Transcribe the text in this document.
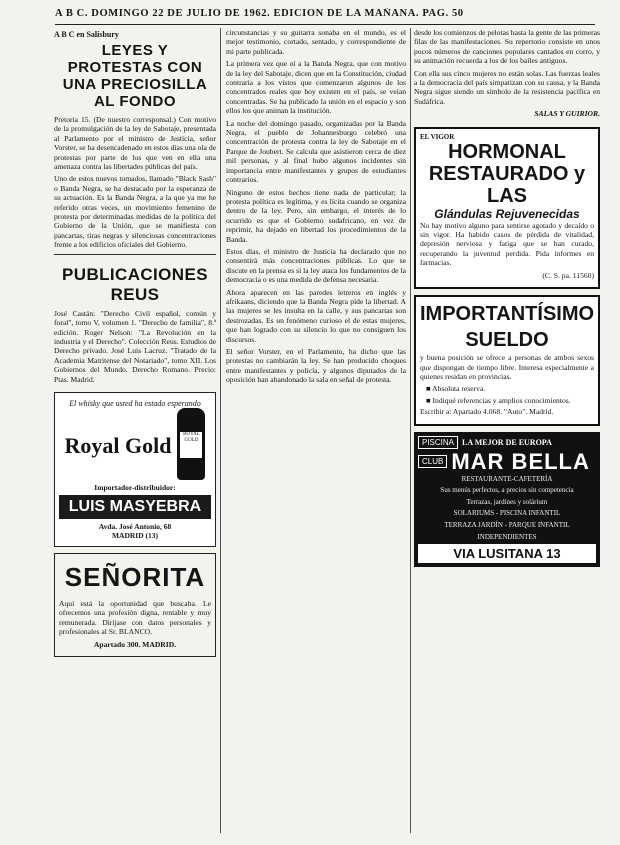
A B C. DOMINGO 22 DE JULIO DE 1962. EDICION DE LA MAÑANA. PAG. 50
A B C en Salisbury
LEYES Y PROTESTAS CON UNA PRECIOSILLA AL FONDO

Pretoria 15. (De nuestro corresponsal.) Con motivo de la promulgación de la ley de Sabotaje, presentada al Parlamento por el ministro de Justicia, señor Vorster, se ha desencadenado en estos días una ola de protestas por parte de los que ven en ella una amenaza contra las libertades públicas del país.

Uno de estos nuevos tomados, llamado "Black Sash" o Banda Negra, se ha destacado por la esperanza de su actuación. Es la Banda Negra, a la que ya me he referido otras veces, un movimiento femenino de protesta por determinadas medidas de la política del Gobierno de la Unión, que se manifiesta con pancartas, tiras negras y silenciosas concentraciones frente a los edificios oficiales del Gobierno.

PUBLICACIONES REUS

José Castán: "Derecho Civil español, común y foral", tomo V, volumen 1. "Derecho de familia", 8.ª edición. Roger Nelson: "La Revolución en la industria y el Derecho". Colección Reus. Estudios de Derecho privado. José Luis Lacruz. "Tratado de la Academia Matritense del Notariado", tomo XII. Los Gobiernos del Mundo. Derecho Romano. Precio: Ptas. Madrid.

El whisky que usted ha estado esperando
Royal Gold	ROYAL GOLD
Importador-distribuidor:
LUIS MASYEBRA
Avda. José Antonio, 68
MADRID (13)
SEÑORITA

Aquí está la oportunidad que buscaba. Le ofrecemos una profesión digna, rentable y muy remunerada. Diríjase con datos personales y profesionales al Sr. BLANCO.

Apartado 300. MADRID.

circunstancias y su guitarra sonaba en el mundo, es el mejor testimonio, cortado, sentado, y correspondiente de mi parte publicada.

La primera vez que oí a la Banda Negra, que con motivo de la ley del Sabotaje, dicen que en la Constitución, ciudad contraria a los vistos que comenzaron algunos de los concentrados reales que hoy existen en el país, se veían concentradas. Se ha publicado la unión en el espacio y son ellos los que animan la institución.

La noche del domingo pasado, organizadas por la Banda Negra, el pueblo de Johannesburgo celebró una concentración de protesta contra la ley de Sabotaje en el Parque de Joubert. Se calcula que asistieron cerca de diez mil personas, y al final hubo algunos incidentes sin importancia entre manifestantes y grupos de estudiantes contrarios.

Ninguno de estos hechos tiene nada de particular; la protesta política es legítima, y es lícita cuando se organiza dentro de la ley. Pero, sin embargo, el interés de lo ocurrido es que el Gobierno sudafricano, en vez de reprimir, ha dejado en libertad los procedimientos de la Banda.

Estos días, el ministro de Justicia ha declarado que no consentirá más concentraciones públicas. Lo que se discute en la prensa es si la ley ataca los fundamentos de la democracia o es una medida de defensa necesaria.

Ahora aparecen en las paredes letreros en inglés y afrikaans, diciendo que la Banda Negra pide la libertad. A las mujeres se les insulta en la calle, y sus pancartas son destrozadas. Es un fenómeno curioso el de estas mujeres, que han logrado con su silencio lo que no consiguen los discursos.

El señor Vorster, en el Parlamento, ha dicho que las protestas no cambiarán la ley. Se han producido choques entre manifestantes y policía, y algunos diputados de la oposición han abandonado la sala en señal de protesta.

desde los comienzos de pelotas hasta la gente de las primeras filas de las manifestaciones. Su repertorio consiste en unos pocos números de canciones populares cantados en corro, y su animación recuerda a los de los bailes antiguos.

Con ella sus cinco mujeres no están solas. Las fuerzas leales a la democracia del país simpatizan con su causa, y la Banda Negra sigue siendo un símbolo de la resistencia pacífica en Sudáfrica.

SALAS Y GUIRIOR.

EL VIGOR
HORMONAL RESTAURADO y LAS
Glándulas Rejuvenecidas

No hay motivo alguno para sentirse agotado y decaído o sin vigor. Ha habido casos de pérdida de vitalidad, depresión nerviosa y fatiga que se han curado, recuperando la juventud perdida. Pida informes en farmacias.

(C. S. pa. 11560)

IMPORTANTÍSIMO SUELDO

y buena posición se ofrece a personas de ambos sexos que dispongan de tiempo libre. Interesa especialmente a quienes residan en provincias.

■ Absoluta reserva.
■ Indiqué referencias y amplios conocimientos.

Escribir a: Apartado 4.068. "Auto". Madrid.

PISCINA	LA MEJOR DE EUROPA
CLUB MAR BELLA

RESTAURANTE-CAFETERÍA

Sus menús perfectos, a precios sin competencia

Terrazas, jardines y solárium

SOLARIUMS - PISCINA INFANTIL

TERRAZA JARDÍN - PARQUE INFANTIL

INDEPENDIENTES

VIA LUSITANA 13
